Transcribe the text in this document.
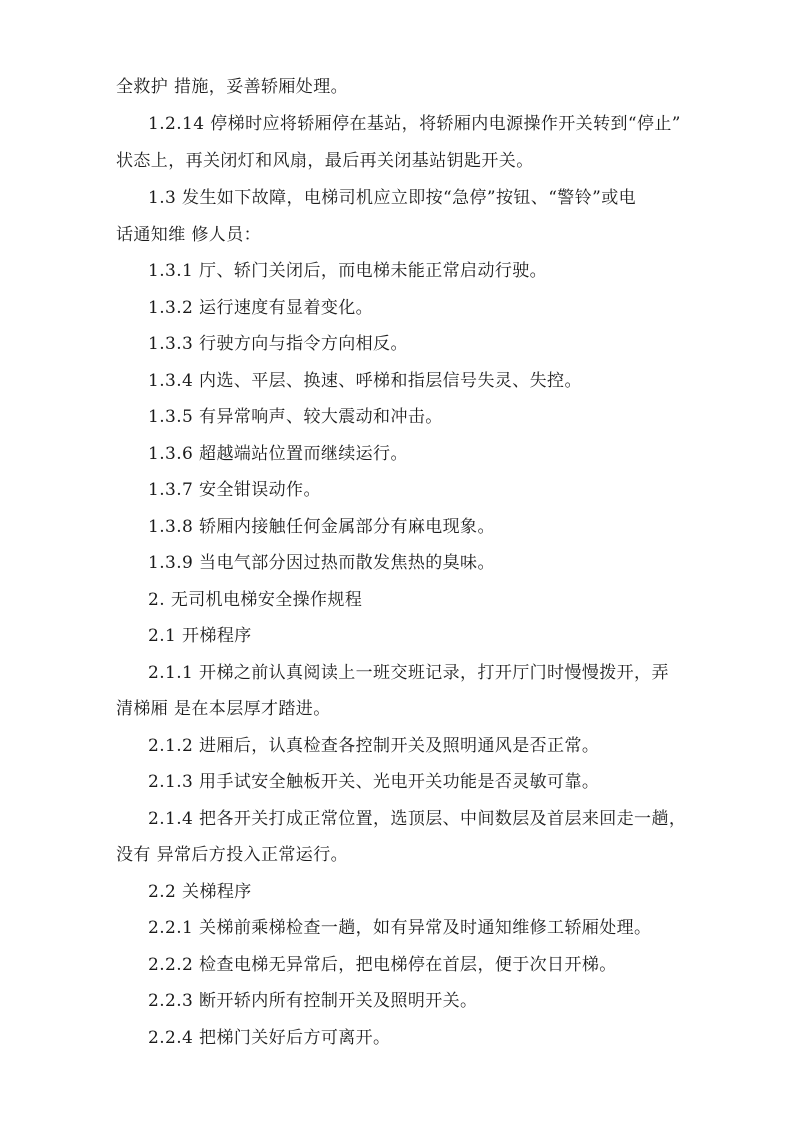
全救护 措施，妥善轿厢处理。
1.2.14 停梯时应将轿厢停在基站，将轿厢内电源操作开关转到“停止”
状态上，再关闭灯和风扇，最后再关闭基站钥匙开关。
1.3 发生如下故障，电梯司机应立即按“急停”按钮、“警铃”或电
话通知维 修人员：
1.3.1 厅、轿门关闭后，而电梯未能正常启动行驶。
1.3.2 运行速度有显着变化。
1.3.3 行驶方向与指令方向相反。
1.3.4 内选、平层、换速、呼梯和指层信号失灵、失控。
1.3.5 有异常响声、较大震动和冲击。
1.3.6 超越端站位置而继续运行。
1.3.7 安全钳误动作。
1.3.8 轿厢内接触任何金属部分有麻电现象。
1.3.9 当电气部分因过热而散发焦热的臭味。
2. 无司机电梯安全操作规程
2.1 开梯程序
2.1.1 开梯之前认真阅读上一班交班记录，打开厅门时慢慢拨开，弄
清梯厢 是在本层厚才踏进。
2.1.2 进厢后，认真检查各控制开关及照明通风是否正常。
2.1.3 用手试安全触板开关、光电开关功能是否灵敏可靠。
2.1.4 把各开关打成正常位置，选顶层、中间数层及首层来回走一趟，
没有 异常后方投入正常运行。
2.2 关梯程序
2.2.1 关梯前乘梯检查一趟，如有异常及时通知维修工轿厢处理。
2.2.2 检查电梯无异常后，把电梯停在首层，便于次日开梯。
2.2.3 断开轿内所有控制开关及照明开关。
2.2.4 把梯门关好后方可离开。
